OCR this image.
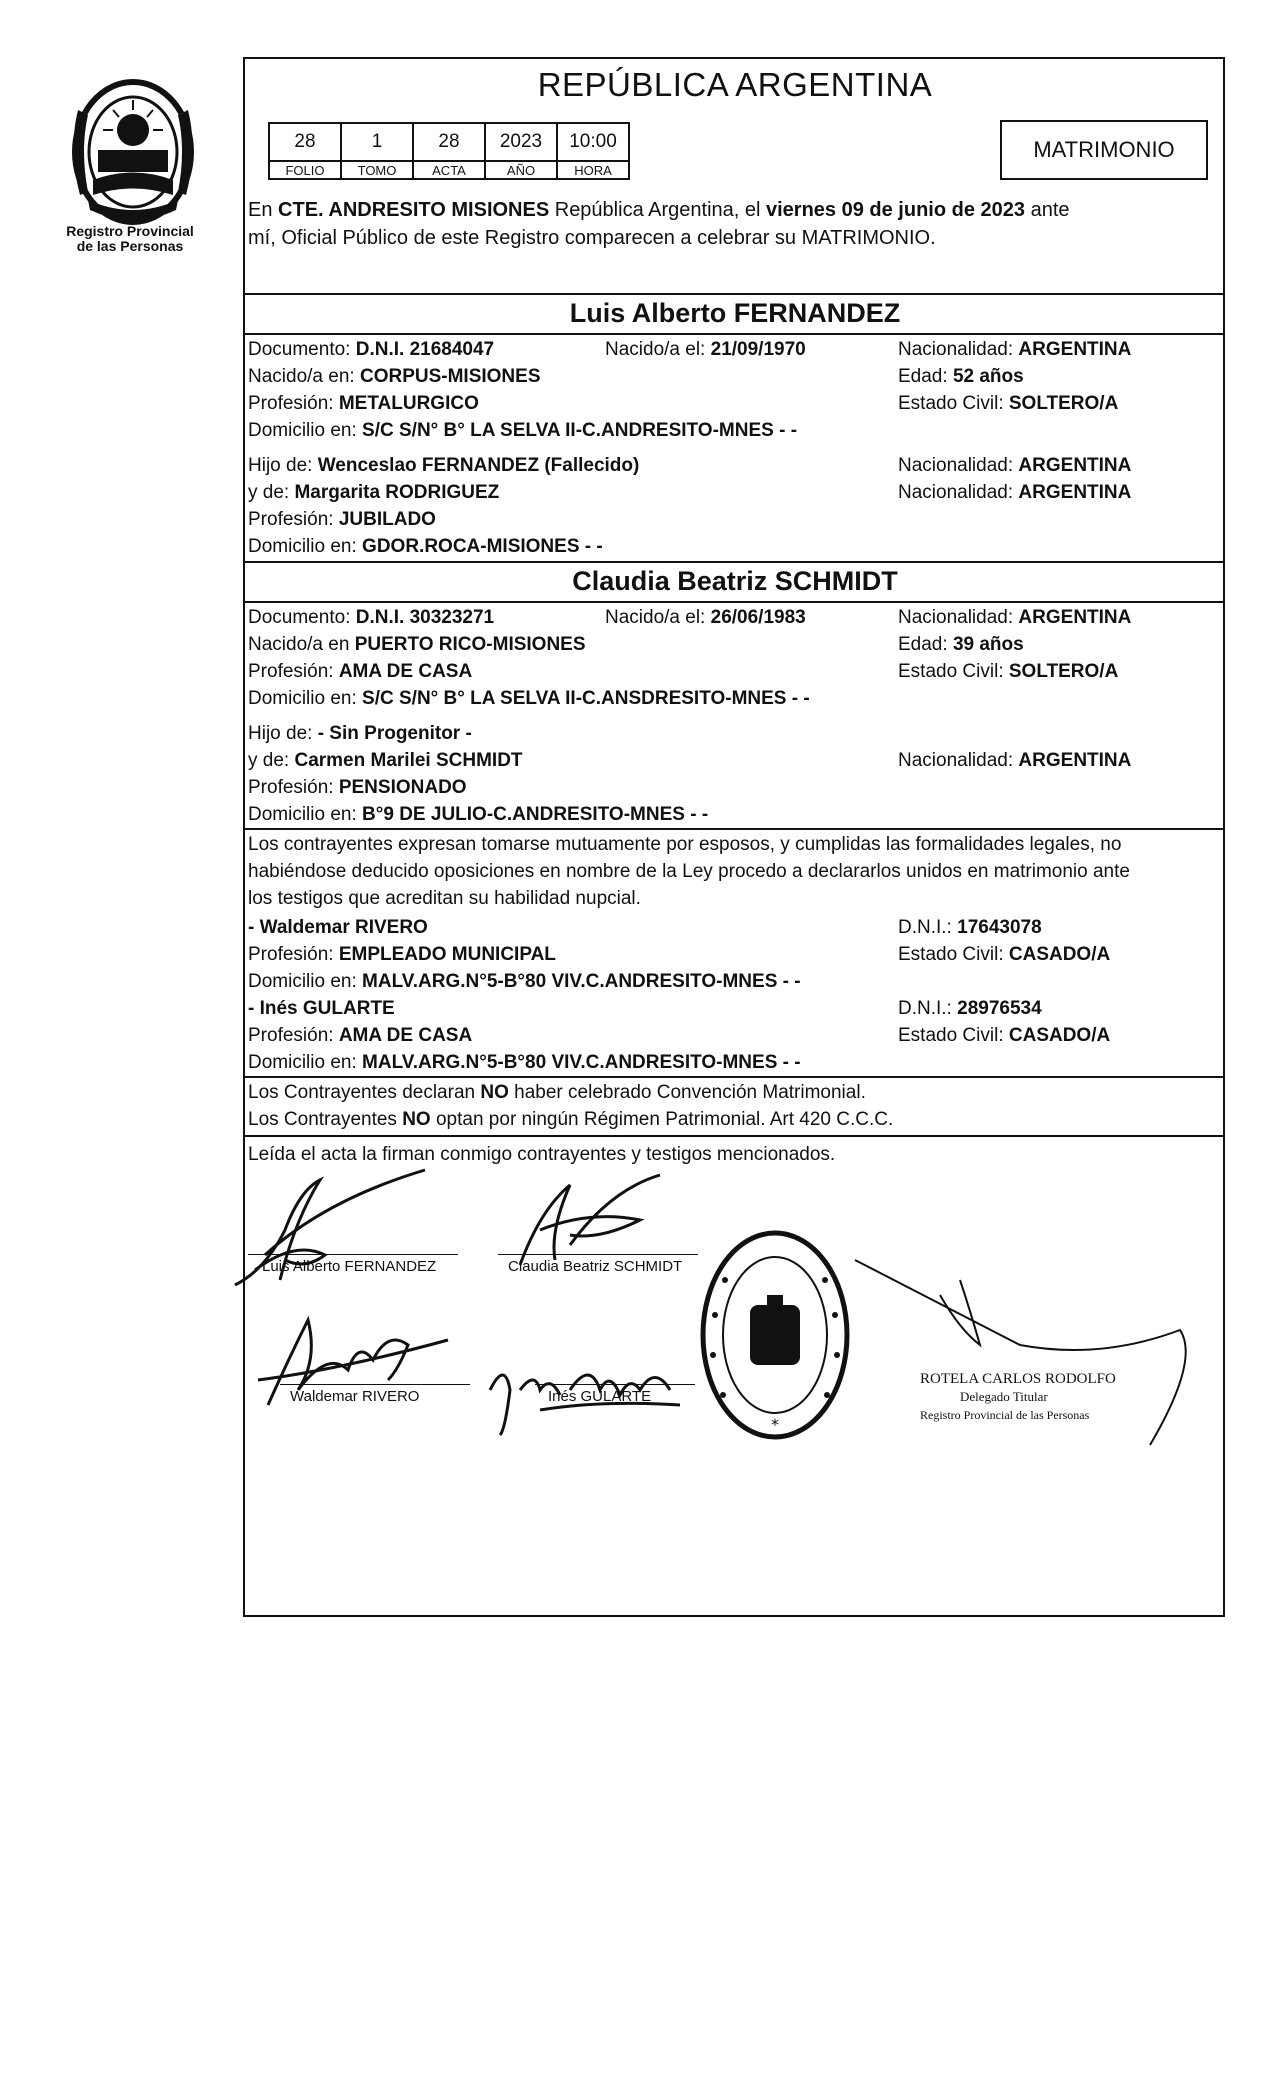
Registro Provincial
de las Personas
REPÚBLICA ARGENTINA
28	1	28	2023	10:00
FOLIO	TOMO	ACTA	AÑO	HORA
MATRIMONIO
En CTE. ANDRESITO MISIONES República Argentina, el viernes 09 de junio de 2023 ante
mí, Oficial Público de este Registro comparecen a celebrar su MATRIMONIO.
Luis Alberto FERNANDEZ
Documento: D.N.I. 21684047	Nacido/a el: 21/09/1970	Nacionalidad: ARGENTINA
Nacido/a en: CORPUS-MISIONES	Edad: 52 años
Profesión: METALURGICO	Estado Civil: SOLTERO/A
Domicilio en: S/C S/N° B° LA SELVA II-C.ANDRESITO-MNES - -
Hijo de: Wenceslao FERNANDEZ (Fallecido)	Nacionalidad: ARGENTINA
y de: Margarita RODRIGUEZ	Nacionalidad: ARGENTINA
Profesión: JUBILADO
Domicilio en: GDOR.ROCA-MISIONES - -
Claudia Beatriz SCHMIDT
Documento: D.N.I. 30323271	Nacido/a el: 26/06/1983	Nacionalidad: ARGENTINA
Nacido/a en PUERTO RICO-MISIONES	Edad: 39 años
Profesión: AMA DE CASA	Estado Civil: SOLTERO/A
Domicilio en: S/C S/N° B° LA SELVA II-C.ANSDRESITO-MNES - -
Hijo de: - Sin Progenitor -
y de: Carmen Marilei SCHMIDT	Nacionalidad: ARGENTINA
Profesión: PENSIONADO
Domicilio en: B°9 DE JULIO-C.ANDRESITO-MNES - -
Los contrayentes expresan tomarse mutuamente por esposos, y cumplidas las formalidades legales, no
habiéndose deducido oposiciones en nombre de la Ley procedo a declararlos unidos en matrimonio ante
los testigos que acreditan su habilidad nupcial.
- Waldemar RIVERO	D.N.I.: 17643078
Profesión: EMPLEADO MUNICIPAL	Estado Civil: CASADO/A
Domicilio en: MALV.ARG.N°5-B°80 VIV.C.ANDRESITO-MNES - -
- Inés GULARTE	D.N.I.: 28976534
Profesión: AMA DE CASA	Estado Civil: CASADO/A
Domicilio en: MALV.ARG.N°5-B°80 VIV.C.ANDRESITO-MNES - -
Los Contrayentes declaran NO haber celebrado Convención Matrimonial.
Los Contrayentes NO optan por ningún Régimen Patrimonial. Art 420 C.C.C.
Leída el acta la firman conmigo contrayentes y testigos mencionados.
Luis Alberto FERNANDEZ	Claudia Beatriz SCHMIDT
Waldemar RIVERO	Inés GULARTE
*
ROTELA CARLOS RODOLFO
Delegado Titular
Registro Provincial de las Personas
